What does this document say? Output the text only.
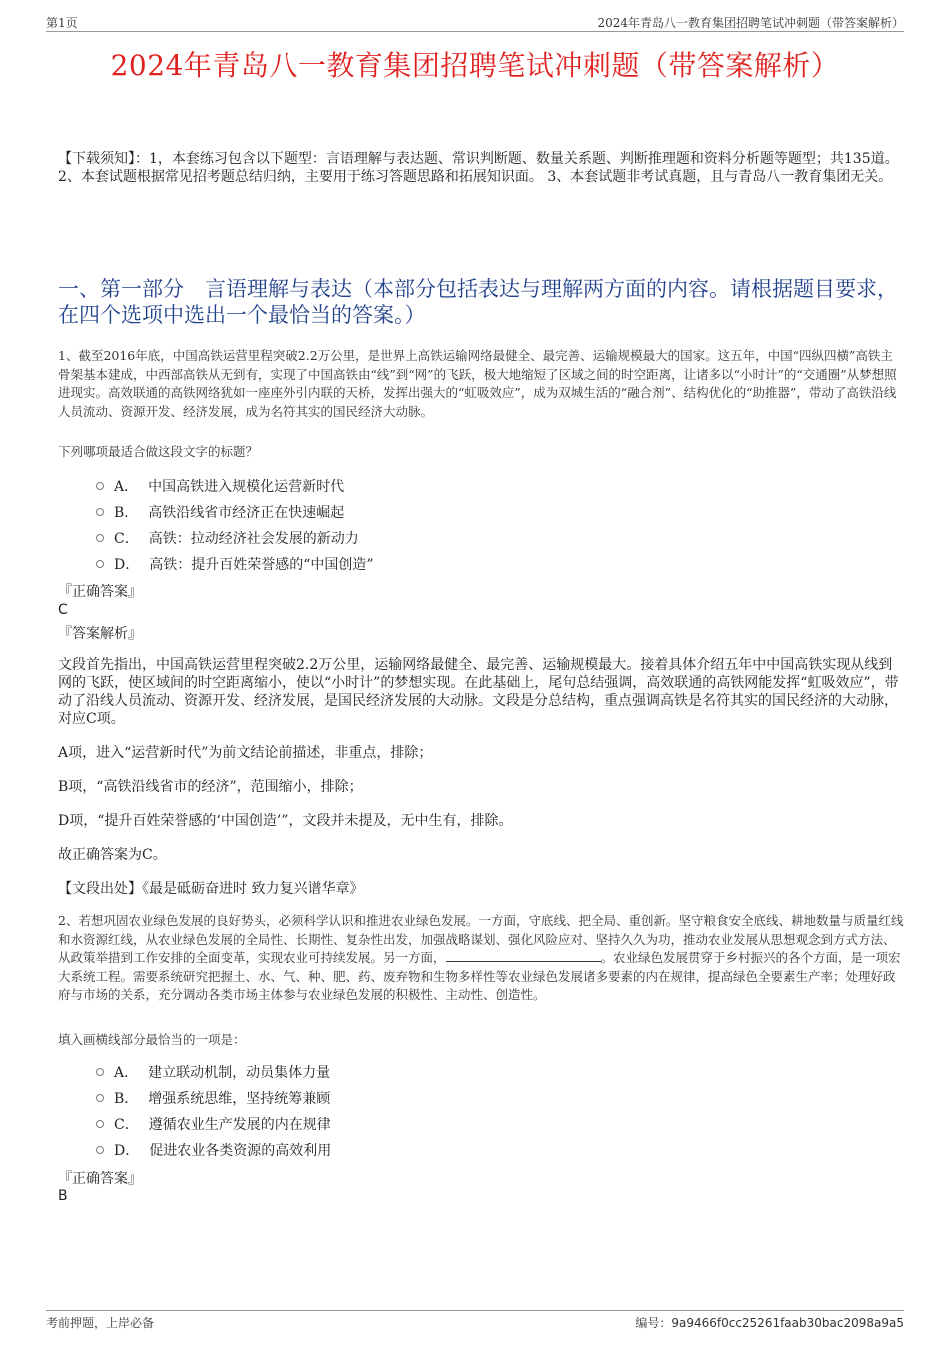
第1页	2024年青岛八一教育集团招聘笔试冲刺题（带答案解析）
2024年青岛八一教育集团招聘笔试冲刺题（带答案解析）
【下载须知】：1，本套练习包含以下题型：言语理解与表达题、常识判断题、数量关系题、判断推理题和资料分析题等题型；共135道。 2、本套试题根据常见招考题总结归纳，主要用于练习答题思路和拓展知识面。 3、本套试题非考试真题，且与青岛八一教育集团无关。
一、第一部分　言语理解与表达（本部分包括表达与理解两方面的内容。请根据题目要求，在四个选项中选出一个最恰当的答案。）
1、截至2016年底，中国高铁运营里程突破2.2万公里，是世界上高铁运输网络最健全、最完善、运输规模最大的国家。这五年，中国“四纵四横”高铁主骨架基本建成，中西部高铁从无到有，实现了中国高铁由“线”到“网”的飞跃，极大地缩短了区域之间的时空距离，让诸多以“小时计”的“交通圈”从梦想照进现实。高效联通的高铁网络犹如一座座外引内联的天桥，发挥出强大的“虹吸效应”，成为双城生活的“融合剂”、结构优化的“助推器”，带动了高铁沿线人员流动、资源开发、经济发展，成为名符其实的国民经济大动脉。
下列哪项最适合做这段文字的标题？
A． 中国高铁进入规模化运营新时代
B． 高铁沿线省市经济正在快速崛起
C． 高铁：拉动经济社会发展的新动力
D． 高铁：提升百姓荣誉感的“中国创造”
『正确答案』
C
『答案解析』
文段首先指出，中国高铁运营里程突破2.2万公里，运输网络最健全、最完善、运输规模最大。接着具体介绍五年中中国高铁实现从线到网的飞跃，使区域间的时空距离缩小，使以“小时计”的梦想实现。在此基础上，尾句总结强调，高效联通的高铁网能发挥“虹吸效应”，带动了沿线人员流动、资源开发、经济发展，是国民经济发展的大动脉。文段是分总结构，重点强调高铁是名符其实的国民经济的大动脉，对应C项。
A项，进入“运营新时代”为前文结论前描述，非重点，排除；
B项，“高铁沿线省市的经济”，范围缩小，排除；
D项，“提升百姓荣誉感的‘中国创造’”，文段并未提及，无中生有，排除。
故正确答案为C。
【文段出处】《最是砥砺奋进时 致力复兴谱华章》
2、若想巩固农业绿色发展的良好势头，必须科学认识和推进农业绿色发展。一方面，守底线、把全局、重创新。坚守粮食安全底线、耕地数量与质量红线和水资源红线，从农业绿色发展的全局性、长期性、复杂性出发，加强战略谋划、强化风险应对、坚持久久为功，推动农业发展从思想观念到方式方法、从政策举措到工作安排的全面变革，实现农业可持续发展。另一方面，	。农业绿色发展贯穿于乡村振兴的各个方面，是一项宏大系统工程。需要系统研究把握土、水、气、种、肥、药、废弃物和生物多样性等农业绿色发展诸多要素的内在规律，提高绿色全要素生产率；处理好政府与市场的关系，充分调动各类市场主体参与农业绿色发展的积极性、主动性、创造性。
填入画横线部分最恰当的一项是：
A． 建立联动机制，动员集体力量
B． 增强系统思维，坚持统筹兼顾
C． 遵循农业生产发展的内在规律
D． 促进农业各类资源的高效利用
『正确答案』
B
考前押题，上岸必备	编号：9a9466f0cc25261faab30bac2098a9a5
